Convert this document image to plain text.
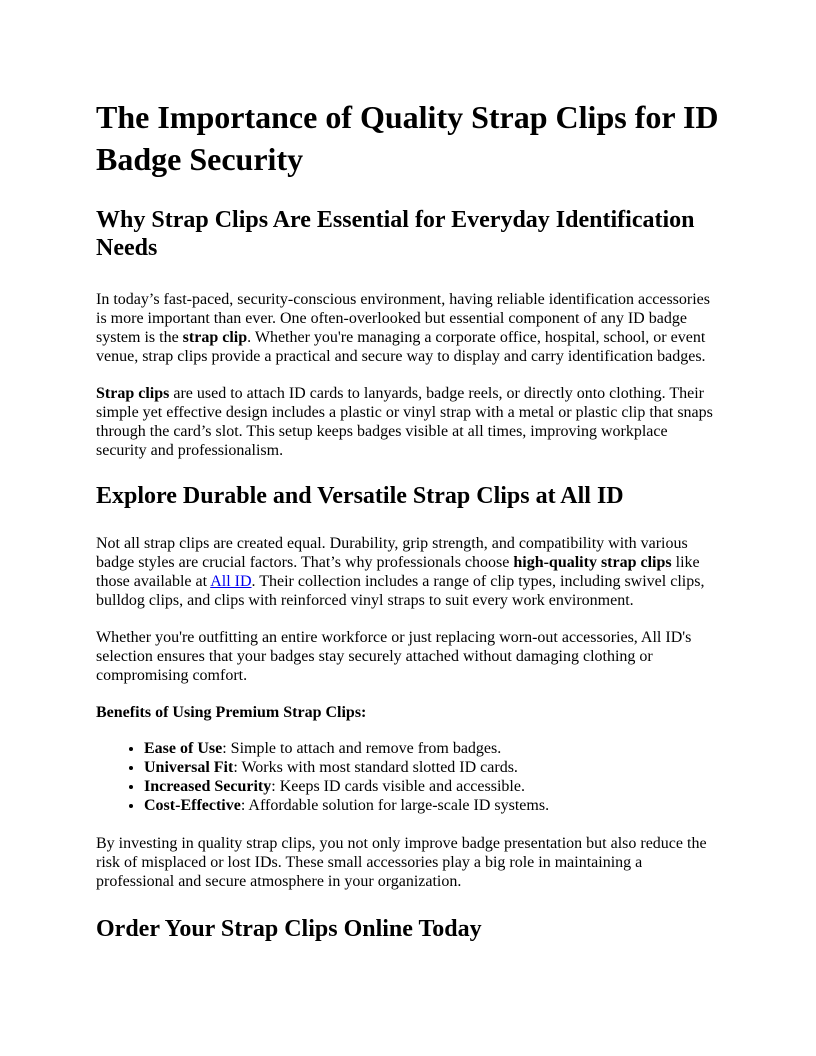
The Importance of Quality Strap Clips for ID Badge Security
Why Strap Clips Are Essential for Everyday Identification Needs

In today’s fast-paced, security-conscious environment, having reliable identification accessories is more important than ever. One often-overlooked but essential component of any ID badge system is the strap clip. Whether you're managing a corporate office, hospital, school, or event venue, strap clips provide a practical and secure way to display and carry identification badges.

Strap clips are used to attach ID cards to lanyards, badge reels, or directly onto clothing. Their simple yet effective design includes a plastic or vinyl strap with a metal or plastic clip that snaps through the card’s slot. This setup keeps badges visible at all times, improving workplace security and professionalism.

Explore Durable and Versatile Strap Clips at All ID

Not all strap clips are created equal. Durability, grip strength, and compatibility with various badge styles are crucial factors. That’s why professionals choose high-quality strap clips like those available at All ID. Their collection includes a range of clip types, including swivel clips, bulldog clips, and clips with reinforced vinyl straps to suit every work environment.

Whether you're outfitting an entire workforce or just replacing worn-out accessories, All ID's selection ensures that your badges stay securely attached without damaging clothing or compromising comfort.

Benefits of Using Premium Strap Clips:
• Ease of Use: Simple to attach and remove from badges.
• Universal Fit: Works with most standard slotted ID cards.
• Increased Security: Keeps ID cards visible and accessible.
• Cost-Effective: Affordable solution for large-scale ID systems.

By investing in quality strap clips, you not only improve badge presentation but also reduce the risk of misplaced or lost IDs. These small accessories play a big role in maintaining a professional and secure atmosphere in your organization.

Order Your Strap Clips Online Today
